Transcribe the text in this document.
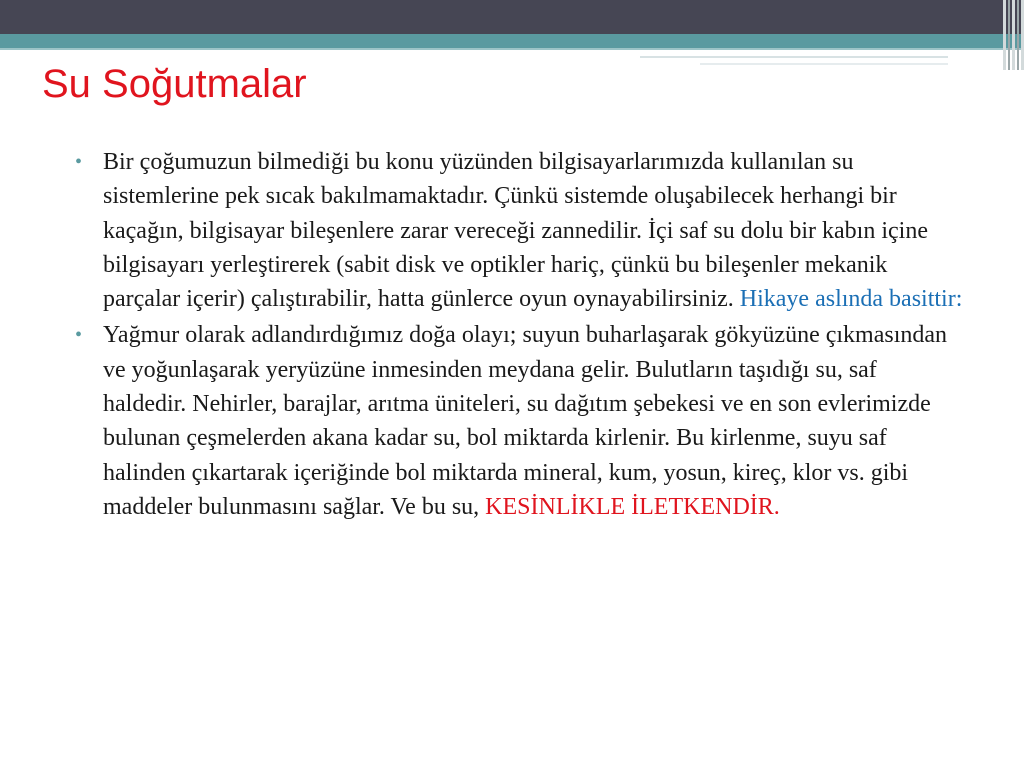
Su Soğutmalar
• Bir çoğumuzun bilmediği bu konu yüzünden bilgisayarlarımızda kullanılan su sistemlerine pek sıcak bakılmamaktadır. Çünkü sistemde oluşabilecek herhangi bir kaçağın, bilgisayar bileşenlere zarar vereceği zannedilir. İçi saf su dolu bir kabın içine bilgisayarı yerleştirerek (sabit disk ve optikler hariç, çünkü bu bileşenler mekanik parçalar içerir) çalıştırabilir, hatta günlerce oyun oynayabilirsiniz. Hikaye aslında basittir:
• Yağmur olarak adlandırdığımız doğa olayı; suyun buharlaşarak gökyüzüne çıkmasından ve yoğunlaşarak yeryüzüne inmesinden meydana gelir. Bulutların taşıdığı su, saf haldedir. Nehirler, barajlar, arıtma üniteleri, su dağıtım şebekesi ve en son evlerimizde bulunan çeşmelerden akana kadar su, bol miktarda kirlenir. Bu kirlenme, suyu saf halinden çıkartarak içeriğinde bol miktarda mineral, kum, yosun, kireç, klor vs. gibi maddeler bulunmasını sağlar. Ve bu su, KESİNLİKLE İLETKENDİR.
